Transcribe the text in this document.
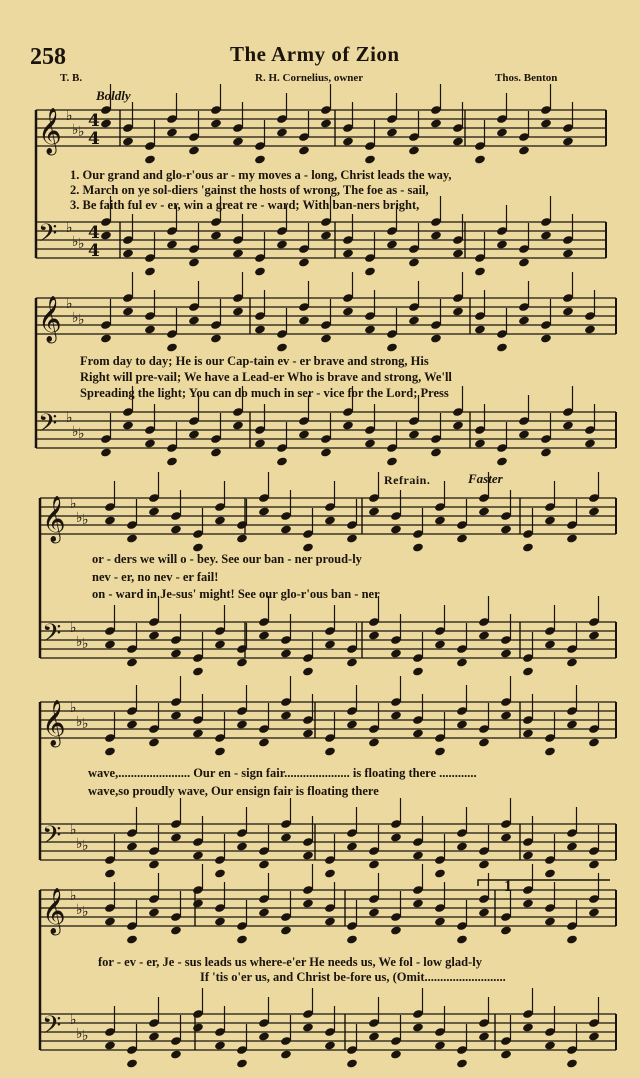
258	The Army of Zion
T. B.	R. H. Cornelius, owner	Thos. Benton
Boldly
𝄞 ♭
♭ ♭
𝄢 ♭
♭ ♭
𝄞 ♭
♭ ♭
𝄢 ♭
♭ ♭
𝄞 ♭
♭ ♭
𝄢 ♭
♭ ♭
𝄞 ♭
♭ ♭
𝄢 ♭
♭ ♭
𝄞 ♭
♭ ♭
𝄢 ♭
♭ ♭
4
4
4
4
1. Our grand and glo-r'ous ar - my moves a - long, Christ leads the way,
2. March on ye sol-diers 'gainst the hosts of wrong, The foe as - sail,
3. Be faith ful ev - er, win a great re - ward; With ban-ners bright,
From day to day; He is our Cap-tain ev - er brave and strong, His
Right will pre-vail; We have a Lead-er Who is brave and strong, We'll
Spreading the light; You can do much in ser - vice for the Lord; Press
Refrain.	Faster
or - ders we will o - bey. See our ban - ner proud-ly
nev - er, no nev - er fail!
on - ward in Je-sus' might! See our glo-r'ous ban - ner
wave,....................... Our en - sign fair..................... is floating there ............
wave,so proudly wave, Our ensign fair is floating there
for - ev - er, Je - sus leads us where-e'er He needs us, We fol - low glad-ly
If 'tis o'er us, and Christ be-fore us, (Omit..........................
1
